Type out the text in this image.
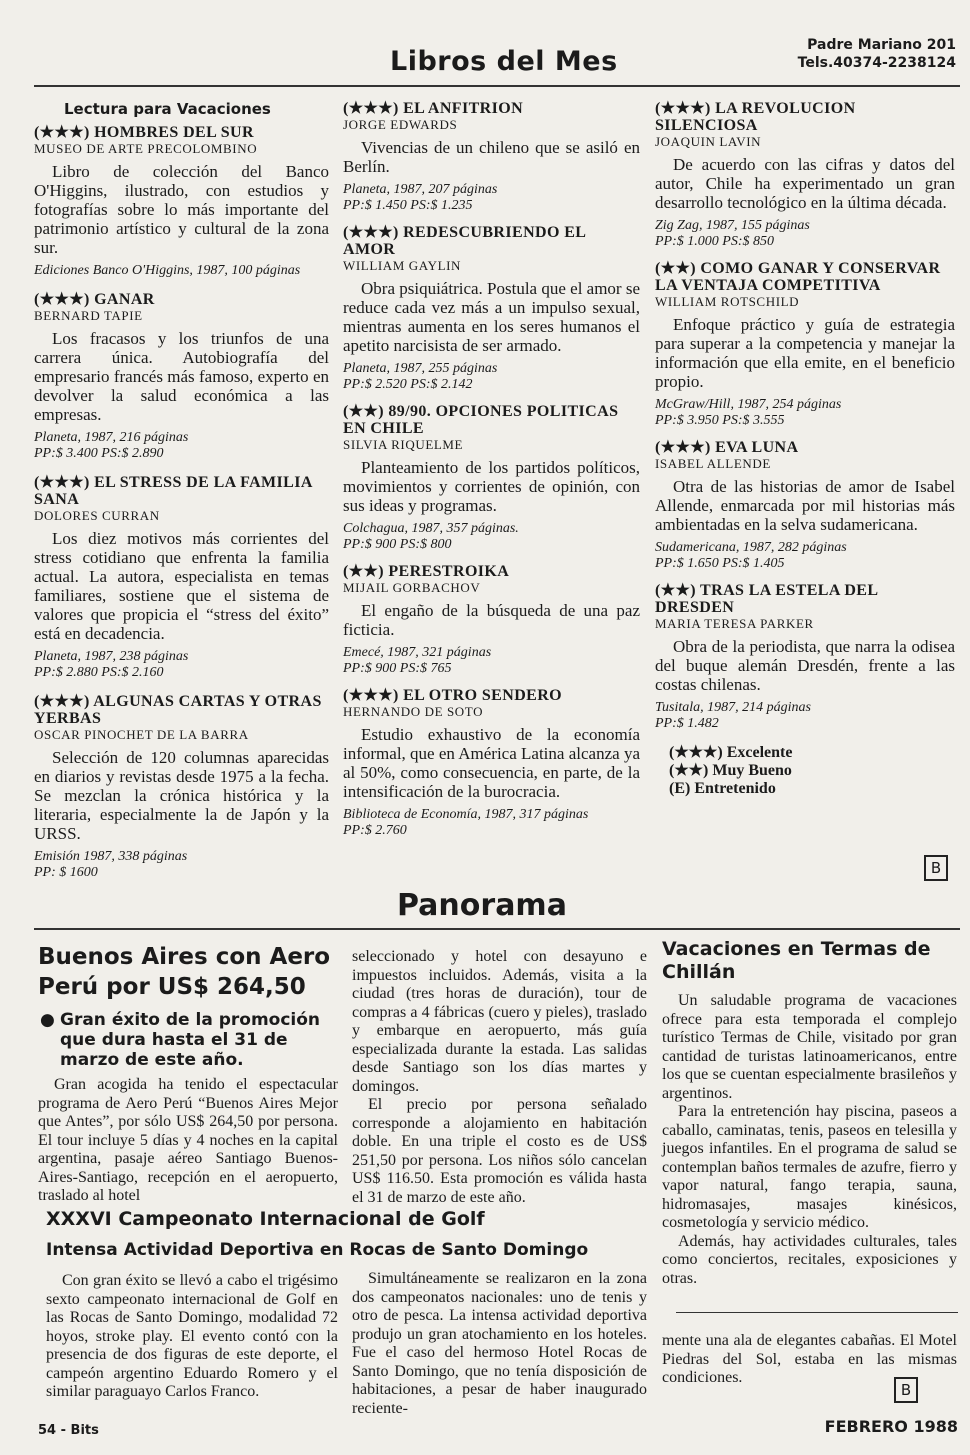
Libros del Mes
Padre Mariano 201
Tels.40374-2238124
Lectura para Vacaciones
(★★★) HOMBRES DEL SUR
MUSEO DE ARTE PRECOLOMBINO
Libro de colección del Banco O'Higgins, ilustrado, con estudios y fotografías sobre lo más importante del patrimonio artístico y cultural de la zona sur.
Ediciones Banco O'Higgins, 1987, 100 páginas
(★★★) GANAR
BERNARD TAPIE
Los fracasos y los triunfos de una carrera única. Autobiografía del empresario francés más famoso, experto en devolver la salud económica a las empresas.
Planeta, 1987, 216 páginas
PP:$ 3.400 PS:$ 2.890
(★★★) EL STRESS DE LA FAMILIA SANA
DOLORES CURRAN
Los diez motivos más corrientes del stress cotidiano que enfrenta la familia actual. La autora, especialista en temas familiares, sostiene que el sistema de valores que propicia el “stress del éxito” está en decadencia.
Planeta, 1987, 238 páginas
PP:$ 2.880 PS:$ 2.160
(★★★) ALGUNAS CARTAS Y OTRAS YERBAS
OSCAR PINOCHET DE LA BARRA
Selección de 120 columnas aparecidas en diarios y revistas desde 1975 a la fecha. Se mezclan la crónica histórica y la literaria, especialmente la de Japón y la URSS.
Emisión 1987, 338 páginas
PP: $ 1600
(★★★) EL ANFITRION
JORGE EDWARDS
Vivencias de un chileno que se asiló en Berlín.
Planeta, 1987, 207 páginas
PP:$ 1.450 PS:$ 1.235
(★★★) REDESCUBRIENDO EL AMOR
WILLIAM GAYLIN
Obra psiquiátrica. Postula que el amor se reduce cada vez más a un impulso sexual, mientras aumenta en los seres humanos el apetito narcisista de ser armado.
Planeta, 1987, 255 páginas
PP:$ 2.520 PS:$ 2.142
(★★) 89/90. OPCIONES POLITICAS EN CHILE
SILVIA RIQUELME
Planteamiento de los partidos políticos, movimientos y corrientes de opinión, con sus ideas y programas.
Colchagua, 1987, 357 páginas.
PP:$ 900 PS:$ 800
(★★) PERESTROIKA
MIJAIL GORBACHOV
El engaño de la búsqueda de una paz ficticia.
Emecé, 1987, 321 páginas
PP:$ 900 PS:$ 765
(★★★) EL OTRO SENDERO
HERNANDO DE SOTO
Estudio exhaustivo de la economía informal, que en América Latina alcanza ya al 50%, como consecuencia, en parte, de la intensificación de la burocracia.
Biblioteca de Economía, 1987, 317 páginas
PP:$ 2.760
(★★★) LA REVOLUCION SILENCIOSA
JOAQUIN LAVIN
De acuerdo con las cifras y datos del autor, Chile ha experimentado un gran desarrollo tecnológico en la última década.
Zig Zag, 1987, 155 páginas
PP:$ 1.000 PS:$ 850
(★★) COMO GANAR Y CONSERVAR LA VENTAJA COMPETITIVA
WILLIAM ROTSCHILD
Enfoque práctico y guía de estrategia para superar a la competencia y manejar la información que ella emite, en el beneficio propio.
McGraw/Hill, 1987, 254 páginas
PP:$ 3.950 PS:$ 3.555
(★★★) EVA LUNA
ISABEL ALLENDE
Otra de las historias de amor de Isabel Allende, enmarcada por mil historias más ambientadas en la selva sudamericana.
Sudamericana, 1987, 282 páginas
PP:$ 1.650 PS:$ 1.405
(★★) TRAS LA ESTELA DEL DRESDEN
MARIA TERESA PARKER
Obra de la periodista, que narra la odisea del buque alemán Dresdén, frente a las costas chilenas.
Tusitala, 1987, 214 páginas
PP:$ 1.482
(★★★) Excelente
(★★) Muy Bueno
(E) Entretenido
B
Panorama
Buenos Aires con Aero Perú por US$ 264,50
● Gran éxito de la promoción que dura hasta el 31 de marzo de este año.

Gran acogida ha tenido el espectacular programa de Aero Perú “Buenos Aires Mejor que Antes”, por sólo US$ 264,50 por persona. El tour incluye 5 días y 4 noches en la capital argentina, pasaje aéreo Santiago Buenos-Aires-Santiago, recepción en el aeropuerto, traslado al hotel

seleccionado y hotel con desayuno e impuestos incluidos. Además, visita a la ciudad (tres horas de duración), tour de compras a 4 fábricas (cuero y pieles), traslado y embarque en aeropuerto, más guía especializada durante la estada. Las salidas desde Santiago son los días martes y domingos.

El precio por persona señalado corresponde a alojamiento en habitación doble. En una triple el costo es de US$ 251,50 por persona. Los niños sólo cancelan US$ 116.50. Esta promoción es válida hasta el 31 de marzo de este año.

XXXVI Campeonato Internacional de Golf
Intensa Actividad Deportiva en Rocas de Santo Domingo

Con gran éxito se llevó a cabo el trigésimo sexto campeonato internacional de Golf en las Rocas de Santo Domingo, modalidad 72 hoyos, stroke play. El evento contó con la presencia de dos figuras de este deporte, el campeón argentino Eduardo Romero y el similar paraguayo Carlos Franco.

Simultáneamente se realizaron en la zona dos campeonatos nacionales: uno de tenis y otro de pesca. La intensa actividad deportiva produjo un gran atochamiento en los hoteles. Fue el caso del hermoso Hotel Rocas de Santo Domingo, que no tenía disposición de habitaciones, a pesar de haber inaugurado reciente-

Vacaciones en Termas de Chillán

Un saludable programa de vacaciones ofrece para esta temporada el complejo turístico Termas de Chile, visitado por gran cantidad de turistas latinoamericanos, entre los que se cuentan especialmente brasileños y argentinos.

Para la entretención hay piscina, paseos a caballo, caminatas, tenis, paseos en telesilla y juegos infantiles. En el programa de salud se contemplan baños termales de azufre, fierro y vapor natural, fango terapia, sauna, hidromasajes, masajes kinésicos, cosmetología y servicio médico.

Además, hay actividades culturales, tales como conciertos, recitales, exposiciones y otras.

mente una ala de elegantes cabañas. El Motel Piedras del Sol, estaba en las mismas condiciones.

B
54 - Bits	FEBRERO 1988
